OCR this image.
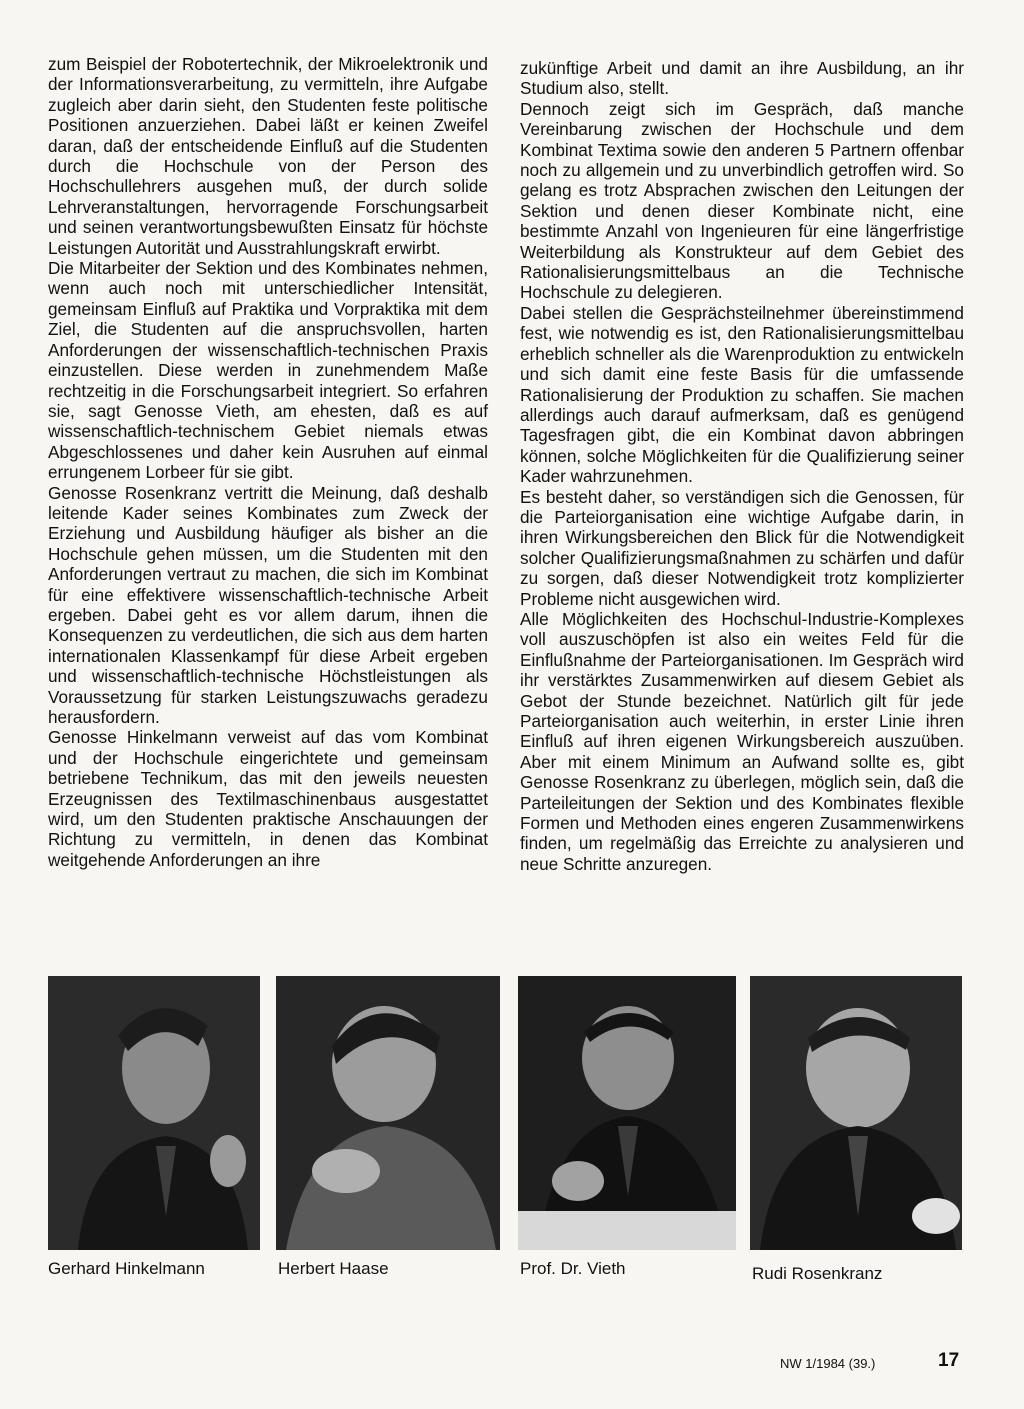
zum Beispiel der Robotertechnik, der Mikroelektronik und der Informationsverarbeitung, zu vermitteln, ihre Aufgabe zugleich aber darin sieht, den Studenten feste politische Positionen anzuerziehen. Dabei läßt er keinen Zweifel daran, daß der entscheidende Einfluß auf die Studenten durch die Hochschule von der Person des Hochschullehrers ausgehen muß, der durch solide Lehrveranstaltungen, hervorragende Forschungsarbeit und seinen verantwortungsbewußten Einsatz für höchste Leistungen Autorität und Ausstrahlungskraft erwirbt.

Die Mitarbeiter der Sektion und des Kombinates nehmen, wenn auch noch mit unterschiedlicher Intensität, gemeinsam Einfluß auf Praktika und Vorpraktika mit dem Ziel, die Studenten auf die anspruchsvollen, harten Anforderungen der wissenschaftlich-technischen Praxis einzustellen. Diese werden in zunehmendem Maße rechtzeitig in die Forschungsarbeit integriert. So erfahren sie, sagt Genosse Vieth, am ehesten, daß es auf wissenschaftlich-technischem Gebiet niemals etwas Abgeschlossenes und daher kein Ausruhen auf einmal errungenem Lorbeer für sie gibt.

Genosse Rosenkranz vertritt die Meinung, daß deshalb leitende Kader seines Kombinates zum Zweck der Erziehung und Ausbildung häufiger als bisher an die Hochschule gehen müssen, um die Studenten mit den Anforderungen vertraut zu machen, die sich im Kombinat für eine effektivere wissenschaftlich-technische Arbeit ergeben. Dabei geht es vor allem darum, ihnen die Konsequenzen zu verdeutlichen, die sich aus dem harten internationalen Klassenkampf für diese Arbeit ergeben und wissenschaftlich-technische Höchstleistungen als Voraussetzung für starken Leistungszuwachs geradezu herausfordern.

Genosse Hinkelmann verweist auf das vom Kombinat und der Hochschule eingerichtete und gemeinsam betriebene Technikum, das mit den jeweils neuesten Erzeugnissen des Textilmaschinenbaus ausgestattet wird, um den Studenten praktische Anschauungen der Richtung zu vermitteln, in denen das Kombinat weitgehende Anforderungen an ihre

zukünftige Arbeit und damit an ihre Ausbildung, an ihr Studium also, stellt.

Dennoch zeigt sich im Gespräch, daß manche Vereinbarung zwischen der Hochschule und dem Kombinat Textima sowie den anderen 5 Partnern offenbar noch zu allgemein und zu unverbindlich getroffen wird. So gelang es trotz Absprachen zwischen den Leitungen der Sektion und denen dieser Kombinate nicht, eine bestimmte Anzahl von Ingenieuren für eine längerfristige Weiterbildung als Konstrukteur auf dem Gebiet des Rationalisierungsmittelbaus an die Technische Hochschule zu delegieren.

Dabei stellen die Gesprächsteilnehmer übereinstimmend fest, wie notwendig es ist, den Rationalisierungsmittelbau erheblich schneller als die Warenproduktion zu entwickeln und sich damit eine feste Basis für die umfassende Rationalisierung der Produktion zu schaffen. Sie machen allerdings auch darauf aufmerksam, daß es genügend Tagesfragen gibt, die ein Kombinat davon abbringen können, solche Möglichkeiten für die Qualifizierung seiner Kader wahrzunehmen.

Es besteht daher, so verständigen sich die Genossen, für die Parteiorganisation eine wichtige Aufgabe darin, in ihren Wirkungsbereichen den Blick für die Notwendigkeit solcher Qualifizierungsmaßnahmen zu schärfen und dafür zu sorgen, daß dieser Notwendigkeit trotz komplizierter Probleme nicht ausgewichen wird.

Alle Möglichkeiten des Hochschul-Industrie-Komplexes voll auszuschöpfen ist also ein weites Feld für die Einflußnahme der Parteiorganisationen. Im Gespräch wird ihr verstärktes Zusammenwirken auf diesem Gebiet als Gebot der Stunde bezeichnet. Natürlich gilt für jede Parteiorganisation auch weiterhin, in erster Linie ihren Einfluß auf ihren eigenen Wirkungsbereich auszuüben. Aber mit einem Minimum an Aufwand sollte es, gibt Genosse Rosenkranz zu überlegen, möglich sein, daß die Parteileitungen der Sektion und des Kombinates flexible Formen und Methoden eines engeren Zusammenwirkens finden, um regelmäßig das Erreichte zu analysieren und neue Schritte anzuregen.

Gerhard Hinkelmann	Herbert Haase	Prof. Dr. Vieth	Rudi Rosenkranz
NW 1/1984 (39.)	17
